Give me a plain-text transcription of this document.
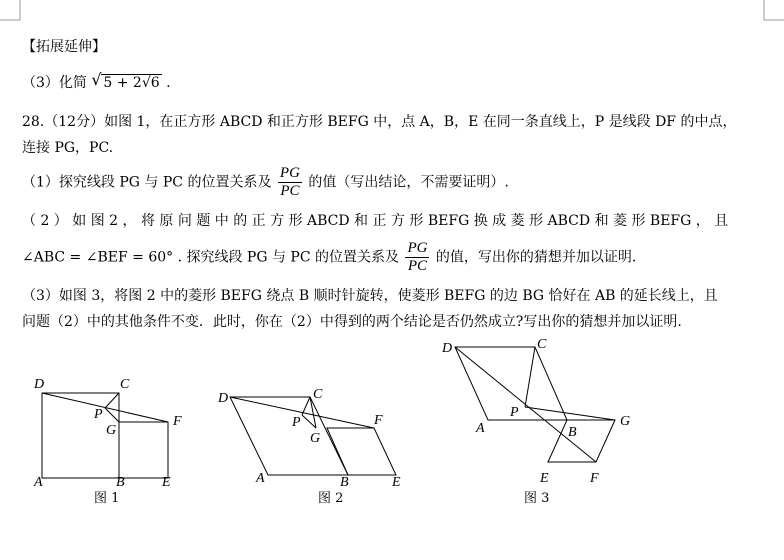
【拓展延伸】
（3）化简 √ 5 + 2√6 .
28.（12分）如图 1，在正方形 ABCD 和正方形 BEFG 中，点 A，B，E 在同一条直线上，P 是线段 DF 的中点，
连接 PG，PC.
（1）探究线段 PG 与 PC 的位置关系及 $\frac{PG}{PC}$ 的值（写出结论，不需要证明）.
（ 2 ） 如 图 2 ， 将 原 问 题 中 的 正 方 形 ABCD 和 正 方 形 BEFG 换 成 菱 形 ABCD 和 菱 形 BEFG ， 且
∠ABC = ∠BEF = 60° . 探究线段 PG 与 PC 的位置关系及 $\frac{PG}{PC}$ 的值，写出你的猜想并加以证明.
（3）如图 3，将图 2 中的菱形 BEFG 绕点 B 顺时针旋转，使菱形 BEFG 的边 BG 恰好在 AB 的延长线上，且
问题（2）中的其他条件不变．此时，你在（2）中得到的两个结论是否仍然成立?写出你的猜想并加以证明.
D	C
P
G
F
A	B	E
图 1
D	C
P
G
F
A	B	E
图 2
D	C
P
A	B
G
E	F
图 3
